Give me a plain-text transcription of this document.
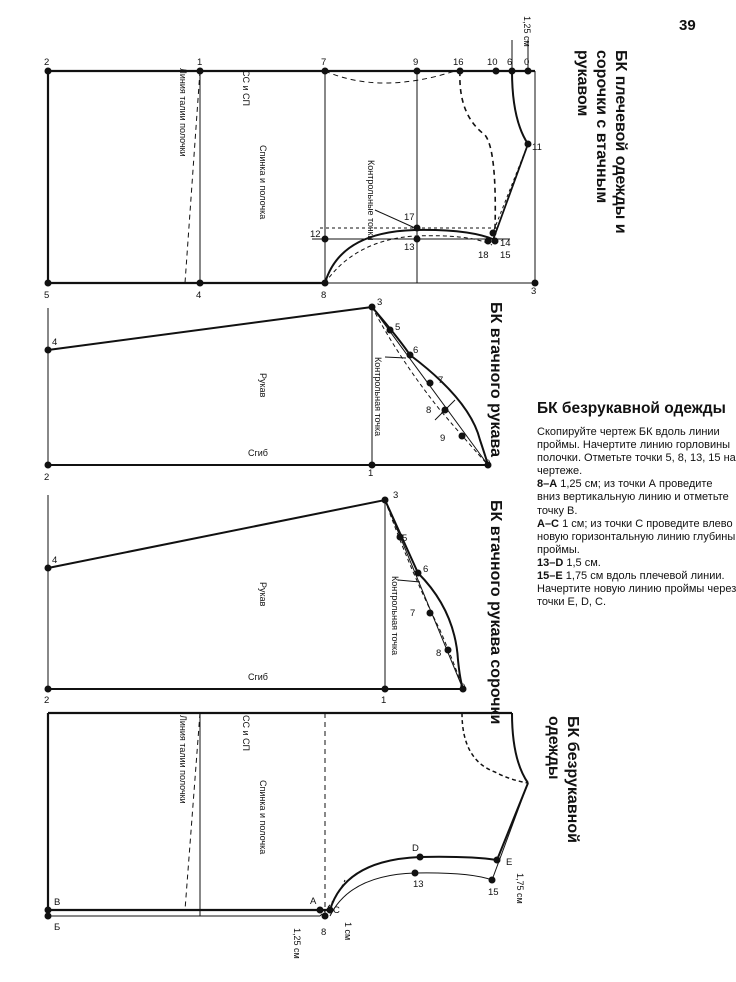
39
2	1	7	9	16 10 6 0
11
5	4	8	3
17
13	14
15
18
12
4
2
3
1
0
5
6
7
8
9
4
2
3
1
0
5
6
7
8
B
Б
A
C
8
D
13
E
15
СС и СП
Линия талии полочки
Спинка и полочка	Контрольные точки
1,25 см
Рукав
Сгиб
Контрольная точка
Рукав
Сгиб
Контрольная точка
СС и СП
Линия талии полочки
Спинка и полочка
1,75 см
1 см
1,25 см
БК плечевой одежды и сорочки с втачным рукавом
БК втачного рукава
БК втачного рукава сорочки
БК безрукавной одежды
БК безрукавной одежды

Скопируйте чертеж БК вдоль линии проймы. Начертите линию горловины полочки. Отметьте точки 5, 8, 13, 15 на чертеже.

8–A 1,25 см; из точки А проведите вниз вертикальную линию и отметьте точку В.

A–C 1 см; из точки С проведите влево новую горизонтальную линию глубины проймы.

13–D 1,5 см.

15–E 1,75 см вдоль плечевой линии.

Начертите новую линию проймы через точки E, D, C.
